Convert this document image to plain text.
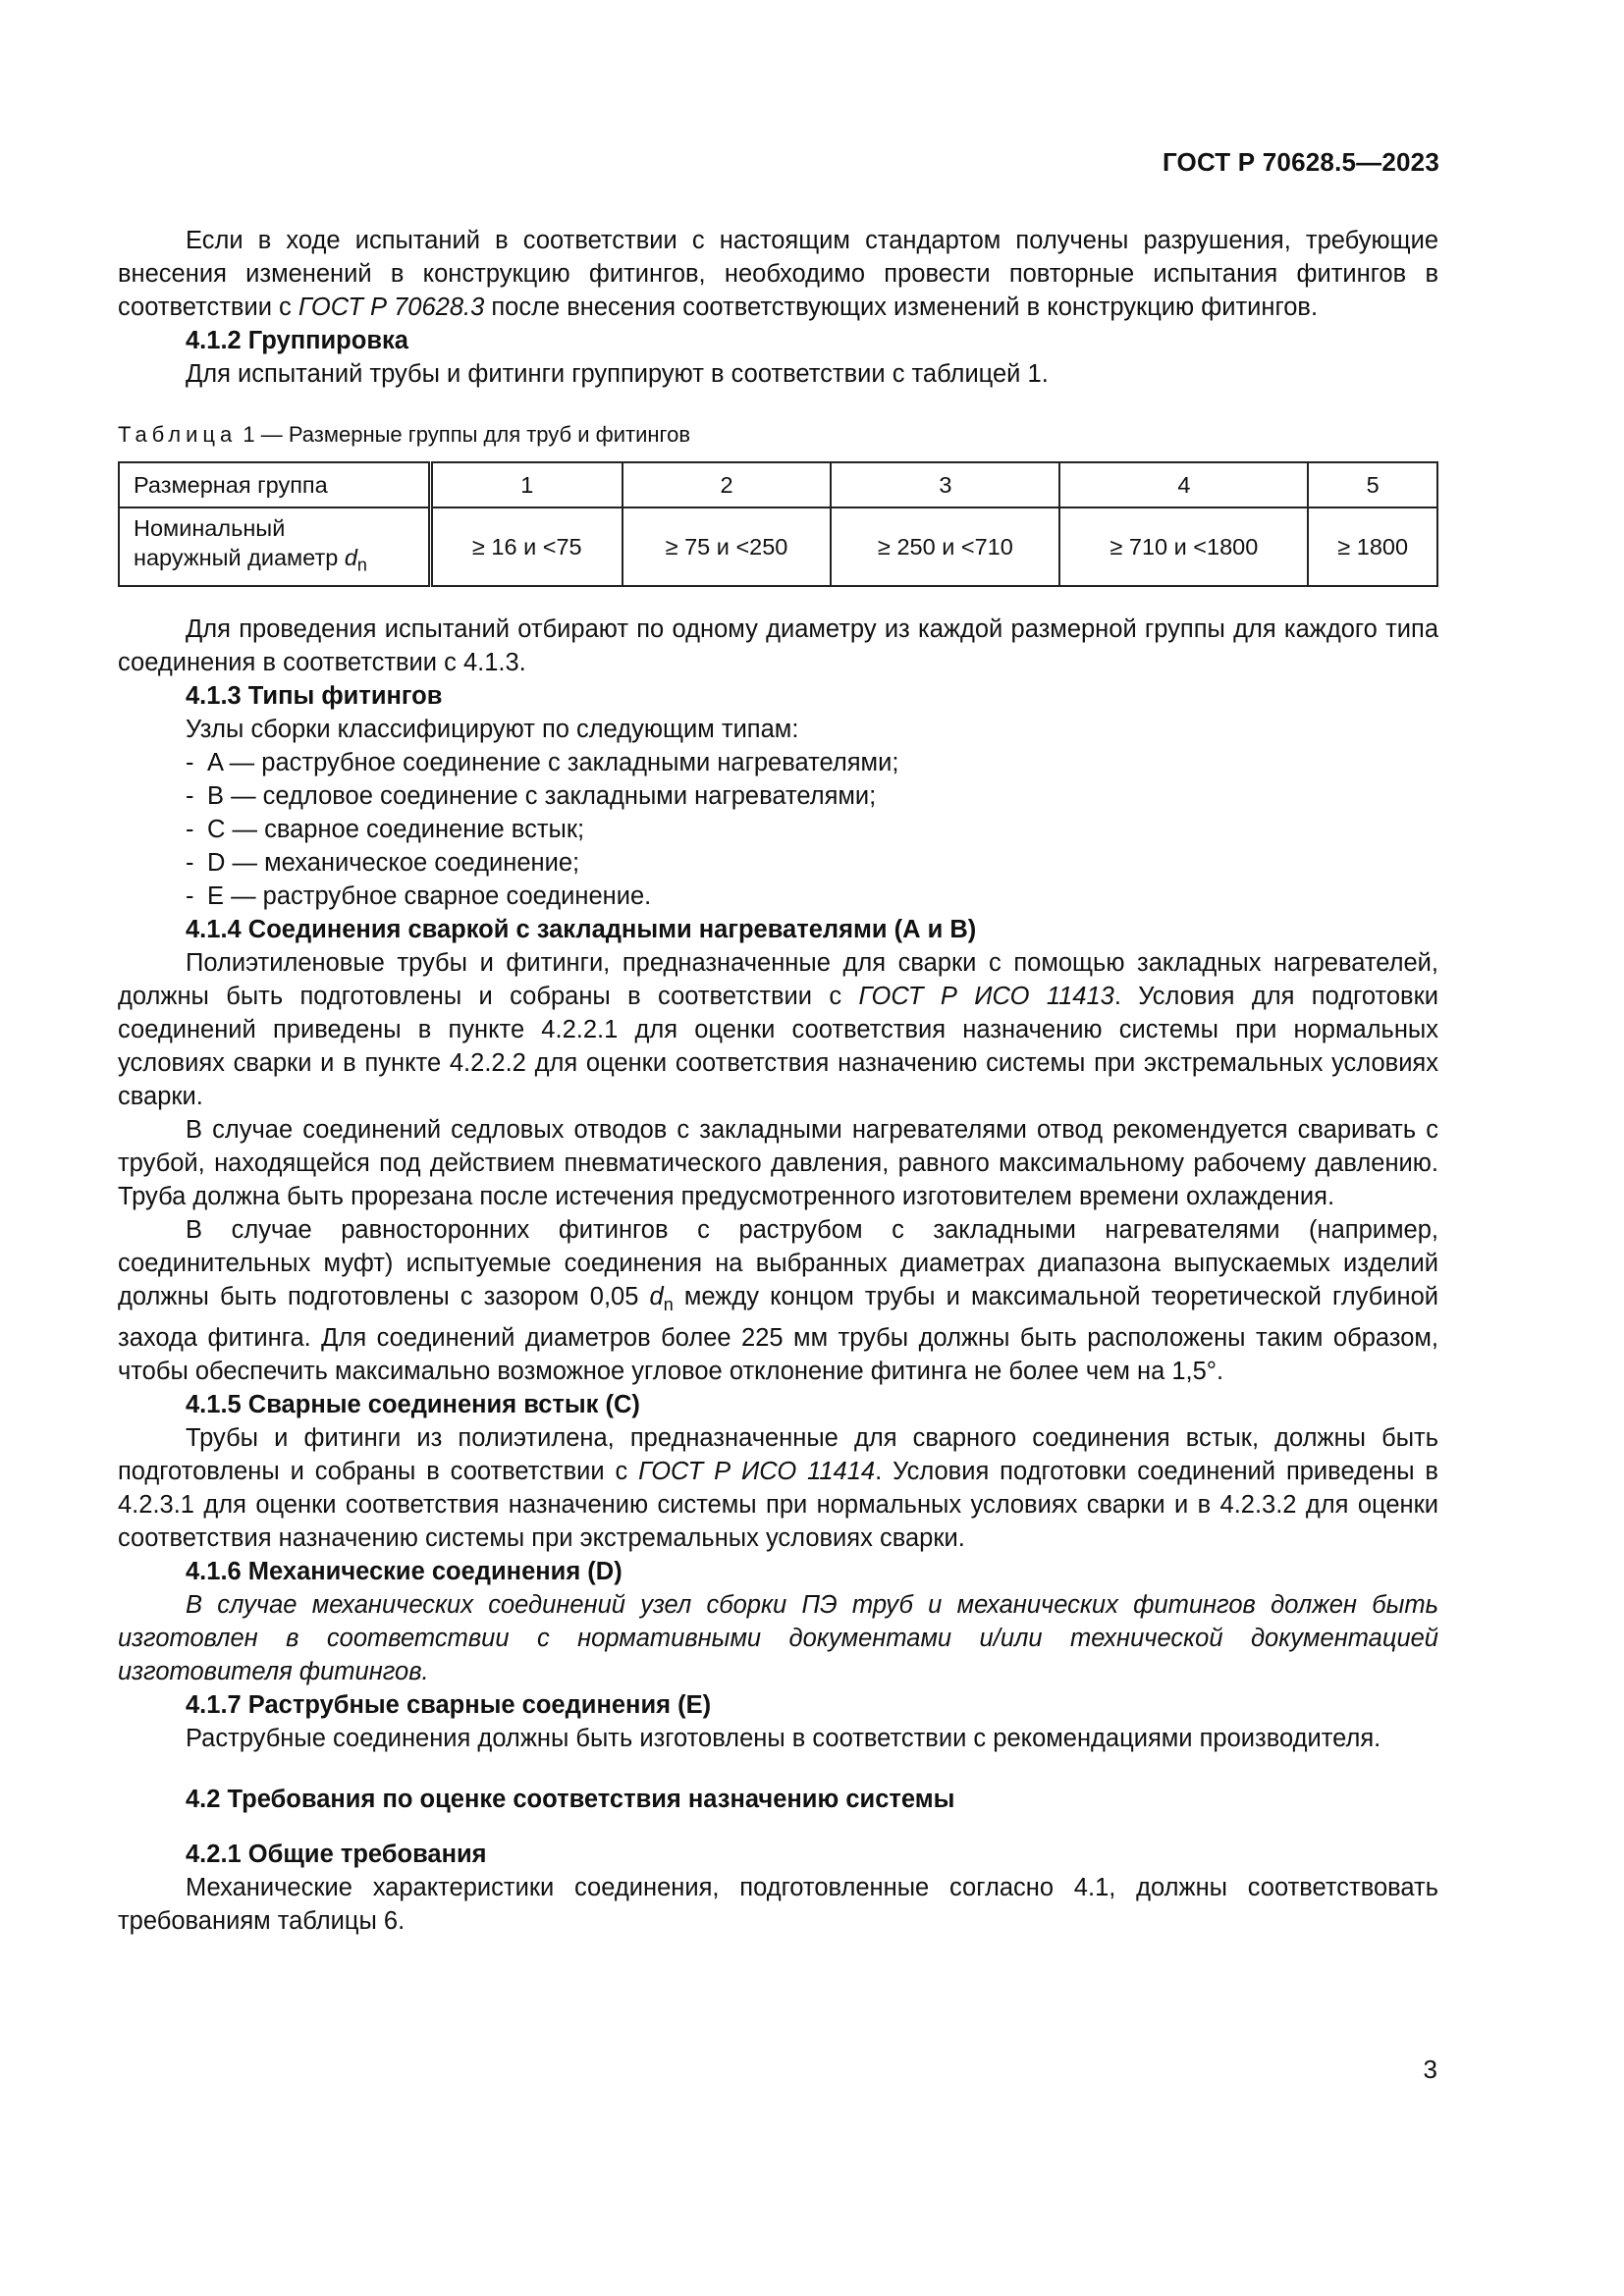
ГОСТ Р 70628.5—2023

Если в ходе испытаний в соответствии с настоящим стандартом получены разрушения, требующие внесения изменений в конструкцию фитингов, необходимо провести повторные испытания фитингов в соответствии с ГОСТ Р 70628.3 после внесения соответствующих изменений в конструкцию фитингов.

4.1.2 Группировка

Для испытаний трубы и фитинги группируют в соответствии с таблицей 1.

Таблица 1 — Размерные группы для труб и фитингов
Размерная группа	1	2	3	4	5
Номинальный
наружный диаметр $d_n$	≥ 16 и <75	≥ 75 и <250	≥ 250 и <710	≥ 710 и <1800	≥ 1800

Для проведения испытаний отбирают по одному диаметру из каждой размерной группы для каждого типа соединения в соответствии с 4.1.3.

4.1.3 Типы фитингов

Узлы сборки классифицируют по следующим типам:

- A — раструбное соединение с закладными нагревателями;
- B — седловое соединение с закладными нагревателями;
- C — сварное соединение встык;
- D — механическое соединение;
- E — раструбное сварное соединение.

4.1.4 Соединения сваркой с закладными нагревателями (А и В)

Полиэтиленовые трубы и фитинги, предназначенные для сварки с помощью закладных нагревателей, должны быть подготовлены и собраны в соответствии с ГОСТ Р ИСО 11413. Условия для подготовки соединений приведены в пункте 4.2.2.1 для оценки соответствия назначению системы при нормальных условиях сварки и в пункте 4.2.2.2 для оценки соответствия назначению системы при экстремальных условиях сварки.

В случае соединений седловых отводов с закладными нагревателями отвод рекомендуется сваривать с трубой, находящейся под действием пневматического давления, равного максимальному рабочему давлению. Труба должна быть прорезана после истечения предусмотренного изготовителем времени охлаждения.

В случае равносторонних фитингов с раструбом с закладными нагревателями (например, соединительных муфт) испытуемые соединения на выбранных диаметрах диапазона выпускаемых изделий должны быть подготовлены с зазором 0,05 $d_n$ между концом трубы и максимальной теоретической глубиной захода фитинга. Для соединений диаметров более 225 мм трубы должны быть расположены таким образом, чтобы обеспечить максимально возможное угловое отклонение фитинга не более чем на 1,5°.

4.1.5 Сварные соединения встык (С)

Трубы и фитинги из полиэтилена, предназначенные для сварного соединения встык, должны быть подготовлены и собраны в соответствии с ГОСТ Р ИСО 11414. Условия подготовки соединений приведены в 4.2.3.1 для оценки соответствия назначению системы при нормальных условиях сварки и в 4.2.3.2 для оценки соответствия назначению системы при экстремальных условиях сварки.

4.1.6 Механические соединения (D)

В случае механических соединений узел сборки ПЭ труб и механических фитингов должен быть изготовлен в соответствии с нормативными документами и/или технической документацией изготовителя фитингов.

4.1.7 Раструбные сварные соединения (Е)

Раструбные соединения должны быть изготовлены в соответствии с рекомендациями производителя.

4.2 Требования по оценке соответствия назначению системы

4.2.1 Общие требования

Механические характеристики соединения, подготовленные согласно 4.1, должны соответствовать требованиям таблицы 6.

3
